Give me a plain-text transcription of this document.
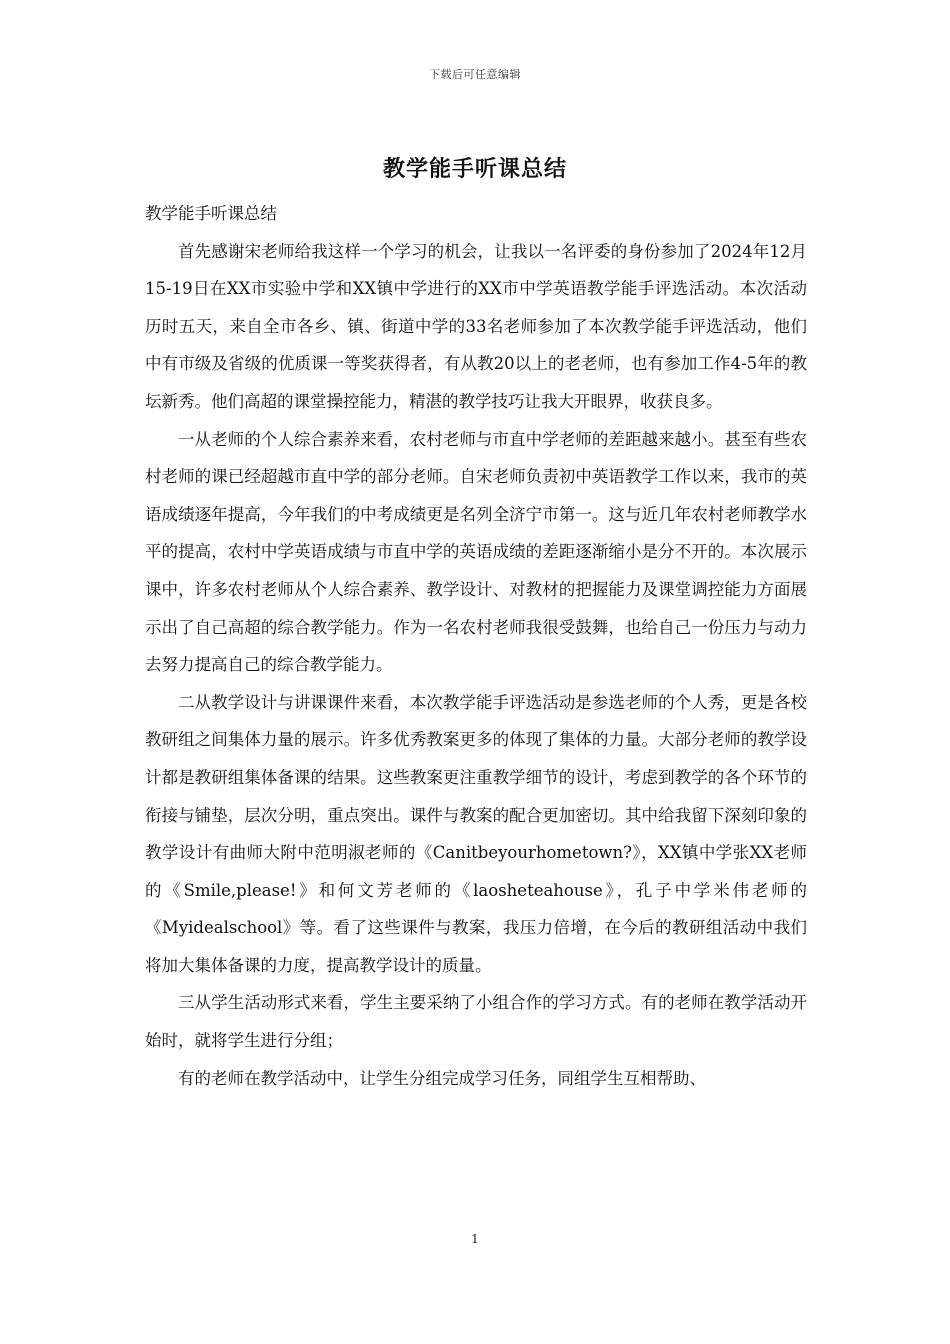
下载后可任意编辑
教学能手听课总结

教学能手听课总结

首先感谢宋老师给我这样一个学习的机会，让我以一名评委的身份参加了2024年12月15-19日在XX市实验中学和XX镇中学进行的XX市中学英语教学能手评选活动。本次活动历时五天，来自全市各乡、镇、街道中学的33名老师参加了本次教学能手评选活动，他们中有市级及省级的优质课一等奖获得者，有从教20以上的老老师，也有参加工作4-5年的教坛新秀。他们高超的课堂操控能力，精湛的教学技巧让我大开眼界，收获良多。

一从老师的个人综合素养来看，农村老师与市直中学老师的差距越来越小。甚至有些农村老师的课已经超越市直中学的部分老师。自宋老师负责初中英语教学工作以来，我市的英语成绩逐年提高，今年我们的中考成绩更是名列全济宁市第一。这与近几年农村老师教学水平的提高，农村中学英语成绩与市直中学的英语成绩的差距逐渐缩小是分不开的。本次展示课中，许多农村老师从个人综合素养、教学设计、对教材的把握能力及课堂调控能力方面展示出了自己高超的综合教学能力。作为一名农村老师我很受鼓舞，也给自己一份压力与动力去努力提高自己的综合教学能力。

二从教学设计与讲课课件来看，本次教学能手评选活动是参选老师的个人秀，更是各校教研组之间集体力量的展示。许多优秀教案更多的体现了集体的力量。大部分老师的教学设计都是教研组集体备课的结果。这些教案更注重教学细节的设计，考虑到教学的各个环节的衔接与铺垫，层次分明，重点突出。课件与教案的配合更加密切。其中给我留下深刻印象的教学设计有曲师大附中范明淑老师的《Canitbeyourhometown?》，XX镇中学张XX老师的《Smile,please!》和何文芳老师的《laosheteahouse》，孔子中学米伟老师的《Myidealschool》等。看了这些课件与教案，我压力倍增，在今后的教研组活动中我们将加大集体备课的力度，提高教学设计的质量。

三从学生活动形式来看，学生主要采纳了小组合作的学习方式。有的老师在教学活动开始时，就将学生进行分组；

有的老师在教学活动中，让学生分组完成学习任务，同组学生互相帮助、

1
